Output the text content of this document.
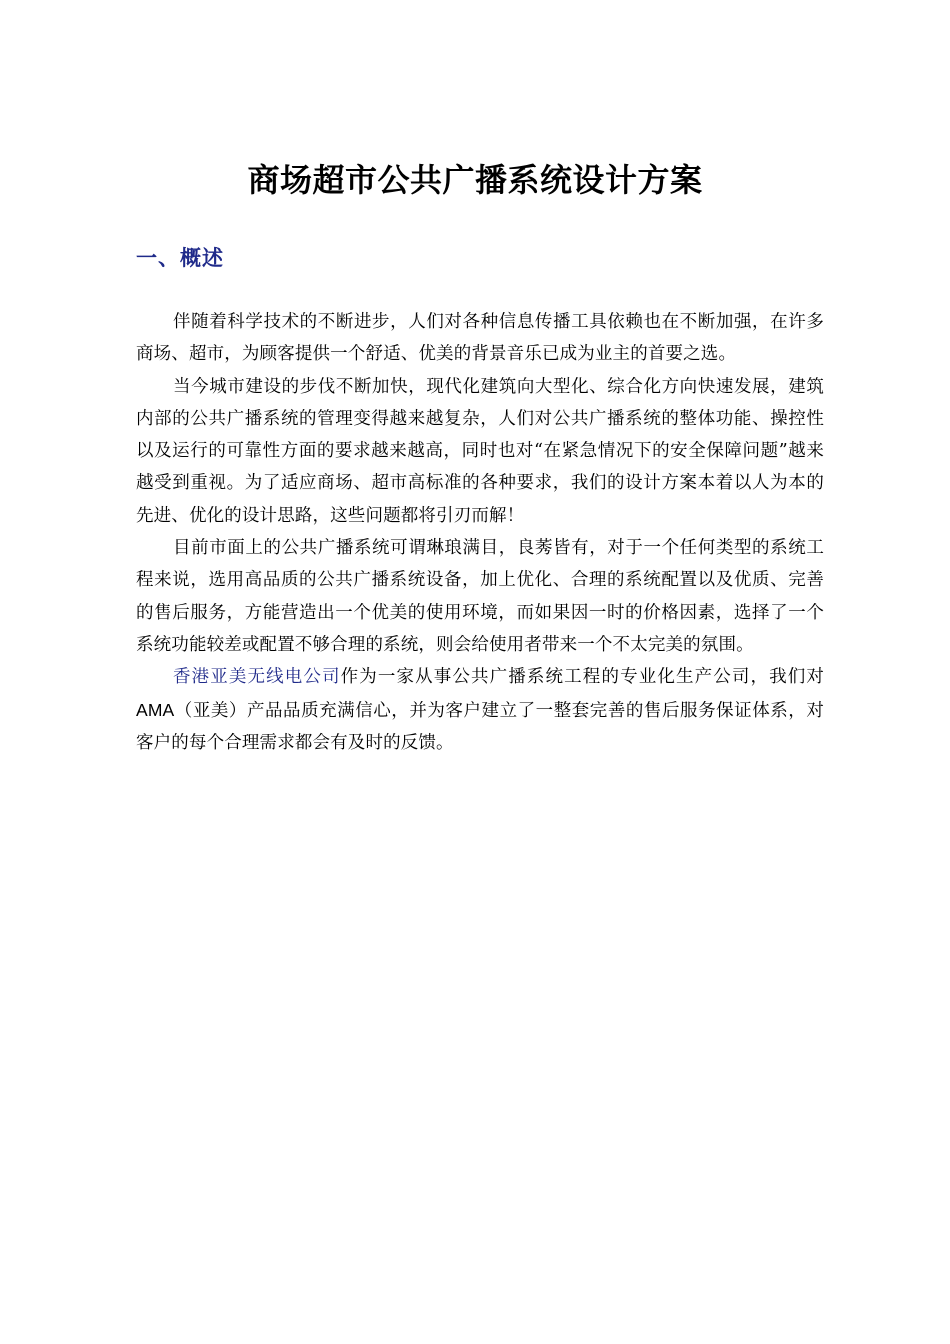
商场超市公共广播系统设计方案
一、概述

伴随着科学技术的不断进步，人们对各种信息传播工具依赖也在不断加强，在许多商场、超市，为顾客提供一个舒适、优美的背景音乐已成为业主的首要之选。

当今城市建设的步伐不断加快，现代化建筑向大型化、综合化方向快速发展，建筑内部的公共广播系统的管理变得越来越复杂，人们对公共广播系统的整体功能、操控性以及运行的可靠性方面的要求越来越高，同时也对“在紧急情况下的安全保障问题”越来越受到重视。为了适应商场、超市高标准的各种要求，我们的设计方案本着以人为本的先进、优化的设计思路，这些问题都将引刃而解！

目前市面上的公共广播系统可谓琳琅满目，良莠皆有，对于一个任何类型的系统工程来说，选用高品质的公共广播系统设备，加上优化、合理的系统配置以及优质、完善的售后服务，方能营造出一个优美的使用环境，而如果因一时的价格因素，选择了一个系统功能较差或配置不够合理的系统，则会给使用者带来一个不太完美的氛围。

香港亚美无线电公司作为一家从事公共广播系统工程的专业化生产公司，我们对AMA（亚美）产品品质充满信心，并为客户建立了一整套完善的售后服务保证体系，对客户的每个合理需求都会有及时的反馈。
